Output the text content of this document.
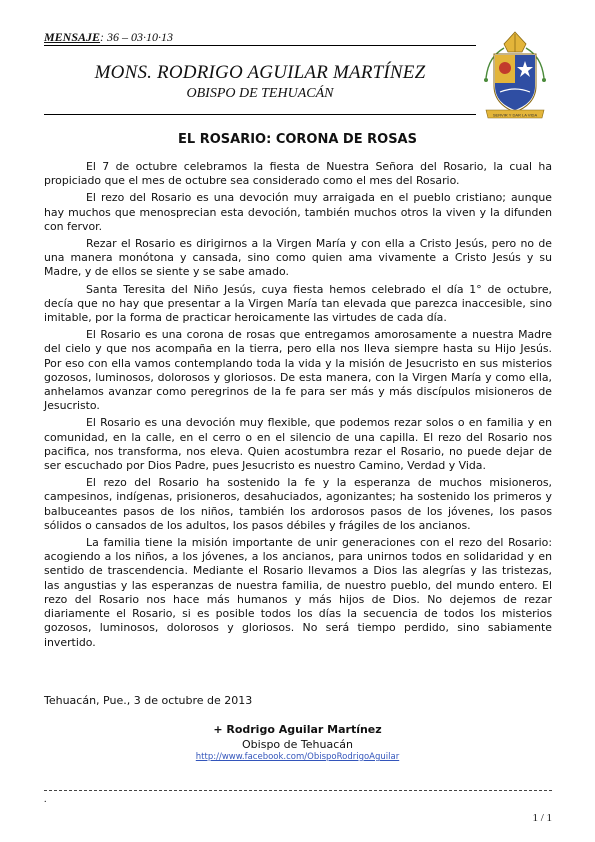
MENSAJE: 36 – 03·10·13
MONS. RODRIGO AGUILAR MARTÍNEZ
OBISPO DE TEHUACÁN
SERVIR Y DAR LA VIDA
EL ROSARIO: CORONA DE ROSAS

El 7 de octubre celebramos la fiesta de Nuestra Señora del Rosario, la cual ha propiciado que el mes de octubre sea considerado como el mes del Rosario.

El rezo del Rosario es una devoción muy arraigada en el pueblo cristiano; aunque hay muchos que menosprecian esta devoción, también muchos otros la viven y la difunden con fervor.

Rezar el Rosario es dirigirnos a la Virgen María y con ella a Cristo Jesús, pero no de una manera monótona y cansada, sino como quien ama vivamente a Cristo Jesús y su Madre, y de ellos se siente y se sabe amado.

Santa Teresita del Niño Jesús, cuya fiesta hemos celebrado el día 1° de octubre, decía que no hay que presentar a la Virgen María tan elevada que parezca inaccesible, sino imitable, por la forma de practicar heroicamente las virtudes de cada día.

El Rosario es una corona de rosas que entregamos amorosamente a nuestra Madre del cielo y que nos acompaña en la tierra, pero ella nos lleva siempre hasta su Hijo Jesús. Por eso con ella vamos contemplando toda la vida y la misión de Jesucristo en sus misterios gozosos, luminosos, dolorosos y gloriosos. De esta manera, con la Virgen María y como ella, anhelamos avanzar como peregrinos de la fe para ser más y más discípulos misioneros de Jesucristo.

El Rosario es una devoción muy flexible, que podemos rezar solos o en familia y en comunidad, en la calle, en el cerro o en el silencio de una capilla. El rezo del Rosario nos pacifica, nos transforma, nos eleva. Quien acostumbra rezar el Rosario, no puede dejar de ser escuchado por Dios Padre, pues Jesucristo es nuestro Camino, Verdad y Vida.

El rezo del Rosario ha sostenido la fe y la esperanza de muchos misioneros, campesinos, indígenas, prisioneros, desahuciados, agonizantes; ha sostenido los primeros y balbuceantes pasos de los niños, también los ardorosos pasos de los jóvenes, los pasos sólidos o cansados de los adultos, los pasos débiles y frágiles de los ancianos.

La familia tiene la misión importante de unir generaciones con el rezo del Rosario: acogiendo a los niños, a los jóvenes, a los ancianos, para unirnos todos en solidaridad y en sentido de trascendencia. Mediante el Rosario llevamos a Dios las alegrías y las tristezas, las angustias y las esperanzas de nuestra familia, de nuestro pueblo, del mundo entero. El rezo del Rosario nos hace más humanos y más hijos de Dios. No dejemos de rezar diariamente el Rosario, si es posible todos los días la secuencia de todos los misterios gozosos, luminosos, dolorosos y gloriosos. No será tiempo perdido, sino sabiamente invertido.

Tehuacán, Pue., 3 de octubre de 2013
+ Rodrigo Aguilar Martínez
Obispo de Tehuacán
http://www.facebook.com/ObispoRodrigoAguilar
.
1 / 1
